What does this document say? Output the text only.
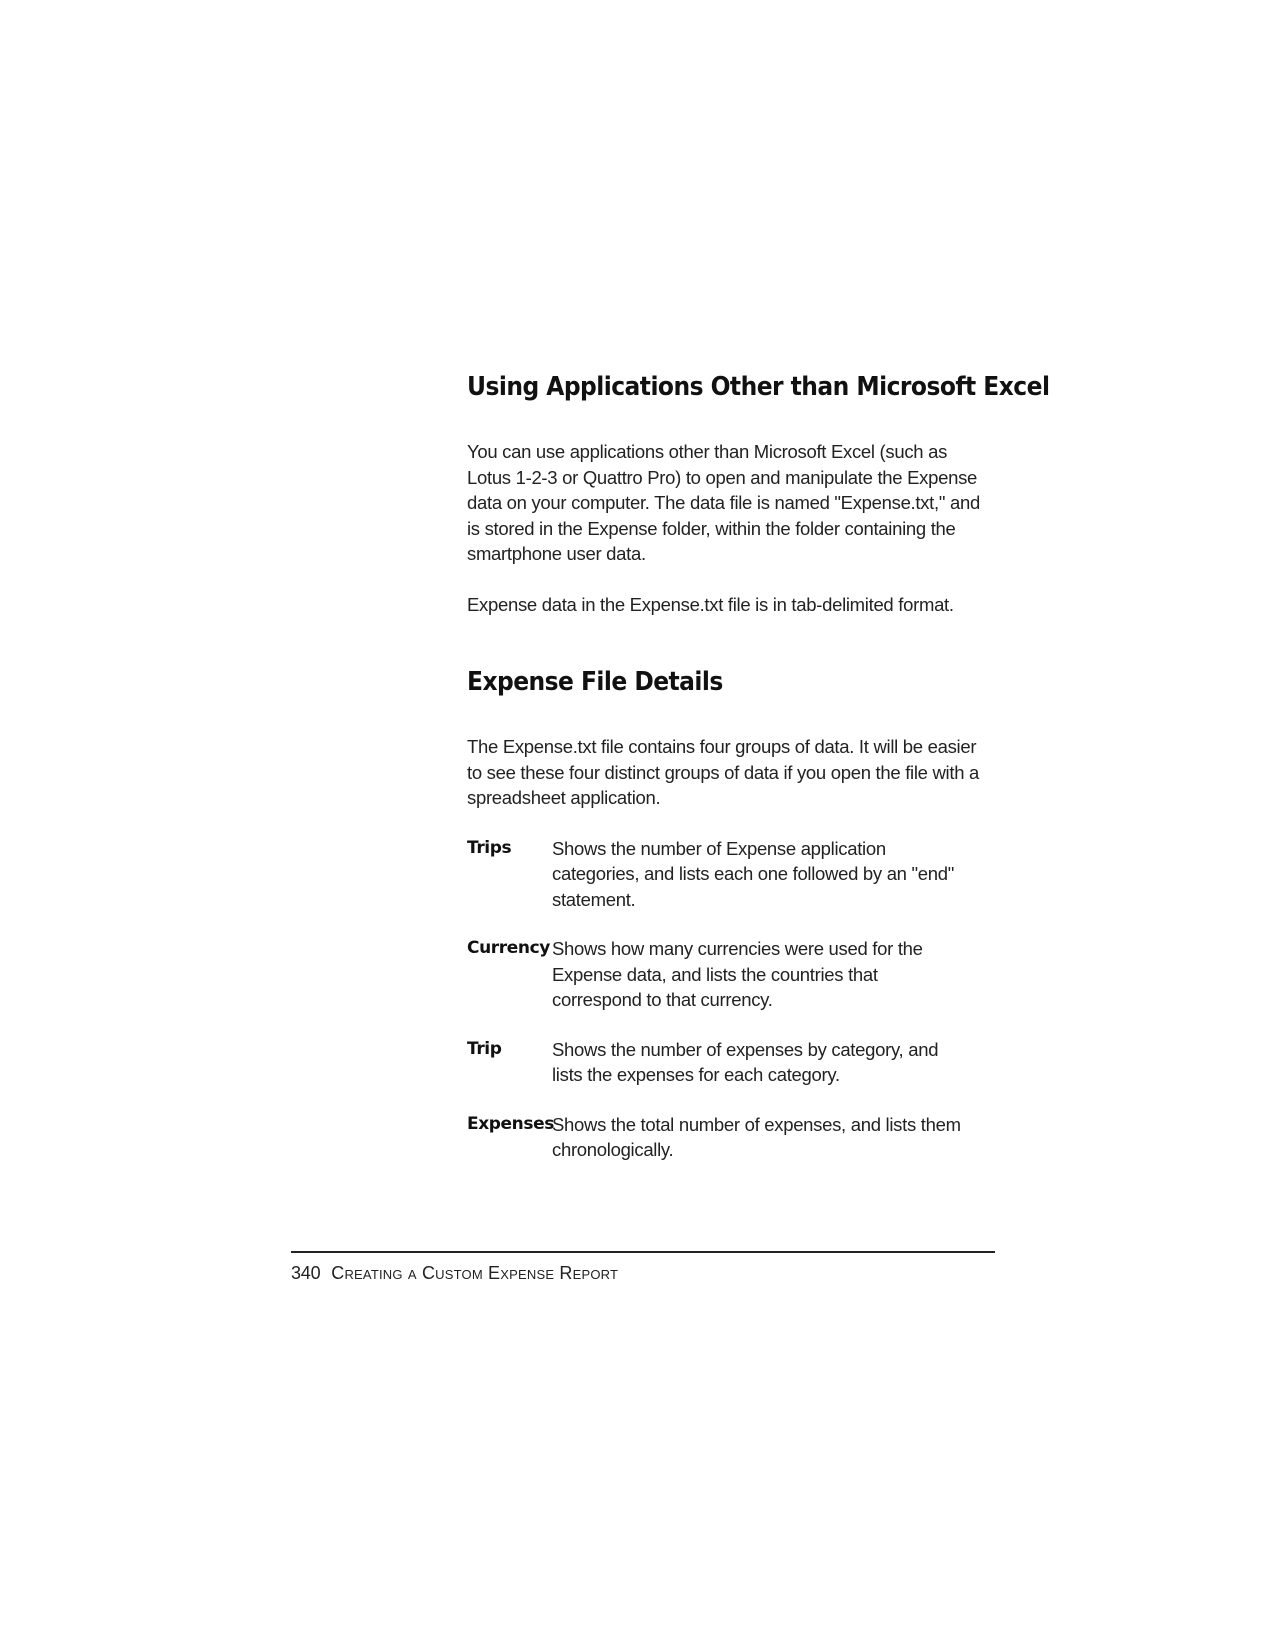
Using Applications Other than Microsoft Excel

You can use applications other than Microsoft Excel (such as Lotus 1-2-3 or Quattro Pro) to open and manipulate the Expense data on your computer. The data file is named "Expense.txt," and is stored in the Expense folder, within the folder containing the smartphone user data.

Expense data in the Expense.txt file is in tab-delimited format.

Expense File Details

The Expense.txt file contains four groups of data. It will be easier to see these four distinct groups of data if you open the file with a spreadsheet application.

Trips	Shows the number of Expense application categories, and lists each one followed by an "end" statement.
Currency Shows how many currencies were used for the Expense data, and lists the countries that correspond to that currency.
Trip	Shows the number of expenses by category, and lists the expenses for each category.
Expenses
Shows the total number of expenses, and lists them chronologically.
340 Creating a Custom Expense Report
